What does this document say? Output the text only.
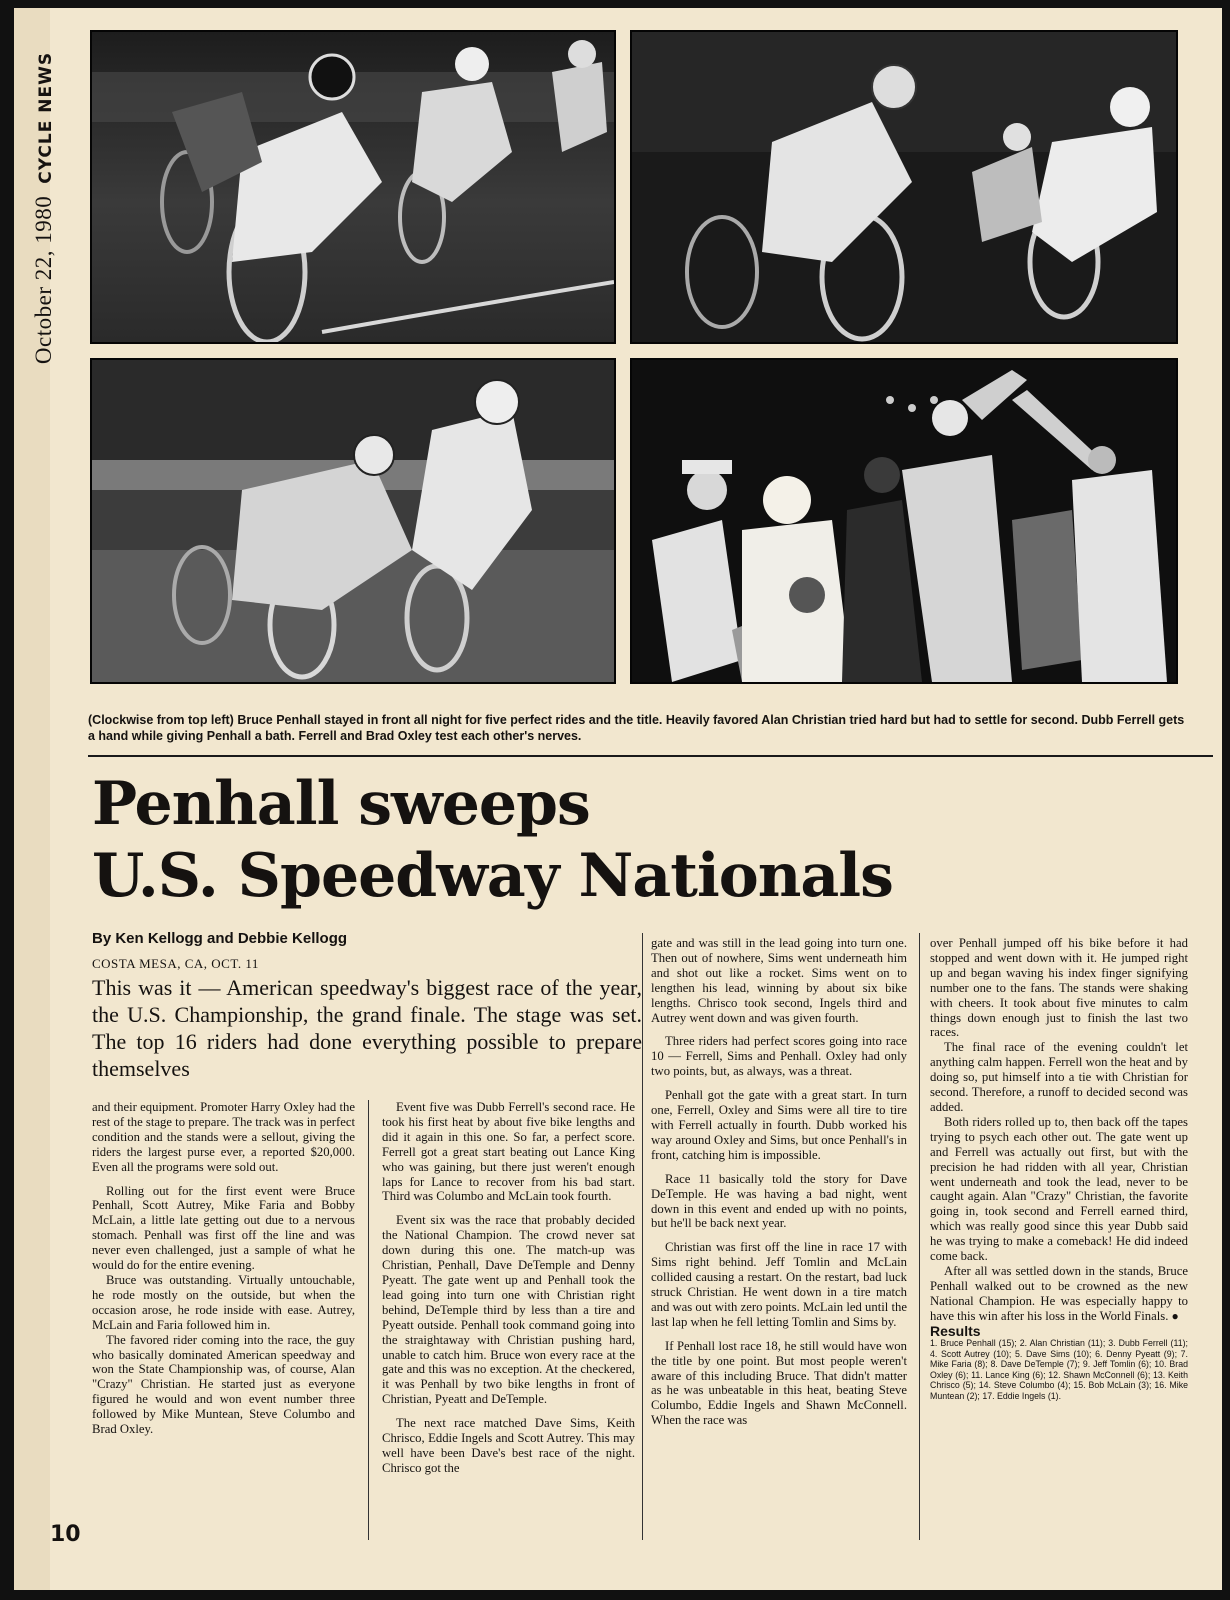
October 22, 1980 CYCLE NEWS
(Clockwise from top left) Bruce Penhall stayed in front all night for five perfect rides and the title. Heavily favored Alan Christian tried hard but had to settle for second. Dubb Ferrell gets a hand while giving Penhall a bath. Ferrell and Brad Oxley test each other's nerves.
Penhall sweeps
U.S. Speedway Nationals
By Ken Kellogg and Debbie Kellogg
COSTA MESA, CA, OCT. 11
This was it — American speedway's biggest race of the year, the U.S. Championship, the grand finale. The stage was set. The top 16 riders had done everything possible to prepare themselves

and their equipment. Promoter Harry Oxley had the rest of the stage to prepare. The track was in perfect condition and the stands were a sellout, giving the riders the largest purse ever, a reported $20,000. Even all the programs were sold out.

Rolling out for the first event were Bruce Penhall, Scott Autrey, Mike Faria and Bobby McLain, a little late getting out due to a nervous stomach. Penhall was first off the line and was never even challenged, just a sample of what he would do for the entire evening.

Bruce was outstanding. Virtually untouchable, he rode mostly on the outside, but when the occasion arose, he rode inside with ease. Autrey, McLain and Faria followed him in.

The favored rider coming into the race, the guy who basically dominated American speedway and won the State Championship was, of course, Alan "Crazy" Christian. He started just as everyone figured he would and won event number three followed by Mike Muntean, Steve Columbo and Brad Oxley.

Event five was Dubb Ferrell's second race. He took his first heat by about five bike lengths and did it again in this one. So far, a perfect score. Ferrell got a great start beating out Lance King who was gaining, but there just weren't enough laps for Lance to recover from his bad start. Third was Columbo and McLain took fourth.

Event six was the race that probably decided the National Champion. The crowd never sat down during this one. The match-up was Christian, Penhall, Dave DeTemple and Denny Pyeatt. The gate went up and Penhall took the lead going into turn one with Christian right behind, DeTemple third by less than a tire and Pyeatt outside. Penhall took command going into the straightaway with Christian pushing hard, unable to catch him. Bruce won every race at the gate and this was no exception. At the checkered, it was Penhall by two bike lengths in front of Christian, Pyeatt and DeTemple.

The next race matched Dave Sims, Keith Chrisco, Eddie Ingels and Scott Autrey. This may well have been Dave's best race of the night. Chrisco got the

gate and was still in the lead going into turn one. Then out of nowhere, Sims went underneath him and shot out like a rocket. Sims went on to lengthen his lead, winning by about six bike lengths. Chrisco took second, Ingels third and Autrey went down and was given fourth.

Three riders had perfect scores going into race 10 — Ferrell, Sims and Penhall. Oxley had only two points, but, as always, was a threat.

Penhall got the gate with a great start. In turn one, Ferrell, Oxley and Sims were all tire to tire with Ferrell actually in fourth. Dubb worked his way around Oxley and Sims, but once Penhall's in front, catching him is impossible.

Race 11 basically told the story for Dave DeTemple. He was having a bad night, went down in this event and ended up with no points, but he'll be back next year.

Christian was first off the line in race 17 with Sims right behind. Jeff Tomlin and McLain collided causing a restart. On the restart, bad luck struck Christian. He went down in a tire match and was out with zero points. McLain led until the last lap when he fell letting Tomlin and Sims by.

If Penhall lost race 18, he still would have won the title by one point. But most people weren't aware of this including Bruce. That didn't matter as he was unbeatable in this heat, beating Steve Columbo, Eddie Ingels and Shawn McConnell. When the race was

over Penhall jumped off his bike before it had stopped and went down with it. He jumped right up and began waving his index finger signifying number one to the fans. The stands were shaking with cheers. It took about five minutes to calm things down enough just to finish the last two races.

The final race of the evening couldn't let anything calm happen. Ferrell won the heat and by doing so, put himself into a tie with Christian for second. Therefore, a runoff to decided second was added.

Both riders rolled up to, then back off the tapes trying to psych each other out. The gate went up and Ferrell was actually out first, but with the precision he had ridden with all year, Christian went underneath and took the lead, never to be caught again. Alan "Crazy" Christian, the favorite going in, took second and Ferrell earned third, which was really good since this year Dubb said he was trying to make a comeback! He did indeed come back.

After all was settled down in the stands, Bruce Penhall walked out to be crowned as the new National Champion. He was especially happy to have this win after his loss in the World Finals. ●

Results

1. Bruce Penhall (15); 2. Alan Christian (11); 3. Dubb Ferrell (11); 4. Scott Autrey (10); 5. Dave Sims (10); 6. Denny Pyeatt (9); 7. Mike Faria (8); 8. Dave DeTemple (7); 9. Jeff Tomlin (6); 10. Brad Oxley (6); 11. Lance King (6); 12. Shawn McConnell (6); 13. Keith Chrisco (5); 14. Steve Columbo (4); 15. Bob McLain (3); 16. Mike Muntean (2); 17. Eddie Ingels (1).

10
